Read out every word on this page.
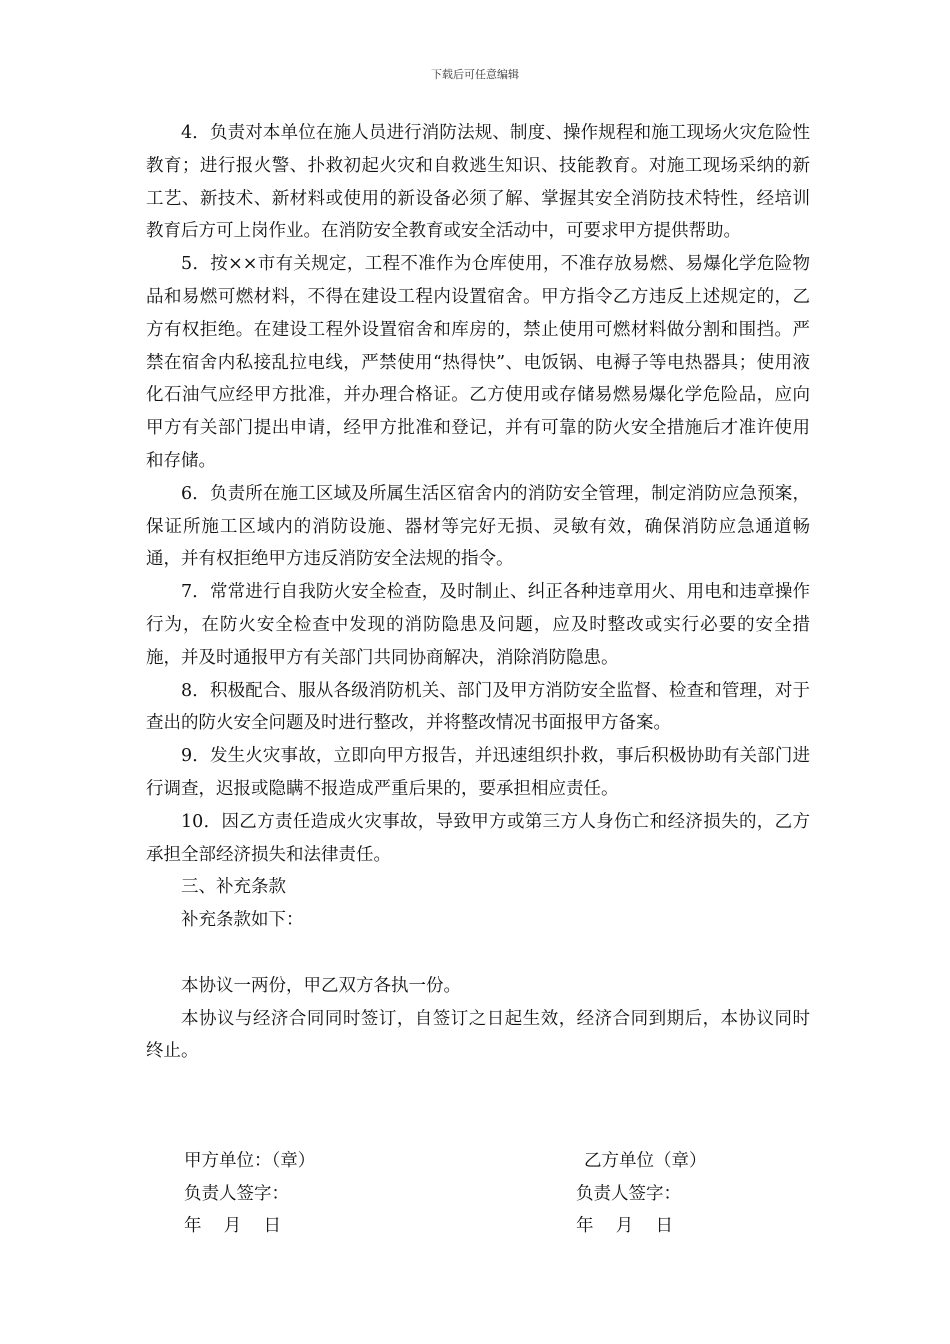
下载后可任意编辑

4．负责对本单位在施人员进行消防法规、制度、操作规程和施工现场火灾危险性教育；进行报火警、扑救初起火灾和自救逃生知识、技能教育。对施工现场采纳的新工艺、新技术、新材料或使用的新设备必须了解、掌握其安全消防技术特性，经培训教育后方可上岗作业。在消防安全教育或安全活动中，可要求甲方提供帮助。

5．按××市有关规定，工程不准作为仓库使用，不准存放易燃、易爆化学危险物品和易燃可燃材料，不得在建设工程内设置宿舍。甲方指令乙方违反上述规定的，乙方有权拒绝。在建设工程外设置宿舍和库房的，禁止使用可燃材料做分割和围挡。严禁在宿舍内私接乱拉电线，严禁使用“热得快”、电饭锅、电褥子等电热器具；使用液化石油气应经甲方批准，并办理合格证。乙方使用或存储易燃易爆化学危险品，应向甲方有关部门提出申请，经甲方批准和登记，并有可靠的防火安全措施后才准许使用和存储。

6．负责所在施工区域及所属生活区宿舍内的消防安全管理，制定消防应急预案，保证所施工区域内的消防设施、器材等完好无损、灵敏有效，确保消防应急通道畅通，并有权拒绝甲方违反消防安全法规的指令。

7．常常进行自我防火安全检查，及时制止、纠正各种违章用火、用电和违章操作行为，在防火安全检查中发现的消防隐患及问题，应及时整改或实行必要的安全措施，并及时通报甲方有关部门共同协商解决，消除消防隐患。

8．积极配合、服从各级消防机关、部门及甲方消防安全监督、检查和管理，对于查出的防火安全问题及时进行整改，并将整改情况书面报甲方备案。

9．发生火灾事故，立即向甲方报告，并迅速组织扑救，事后积极协助有关部门进行调查，迟报或隐瞒不报造成严重后果的，要承担相应责任。

10．因乙方责任造成火灾事故，导致甲方或第三方人身伤亡和经济损失的，乙方承担全部经济损失和法律责任。

三、补充条款

补充条款如下：

本协议一两份，甲乙双方各执一份。

本协议与经济合同同时签订，自签订之日起生效，经济合同到期后，本协议同时终止。

甲方单位：（章）	乙方单位（章）
负责人签字：	负责人签字：
年    月    日	年    月    日
